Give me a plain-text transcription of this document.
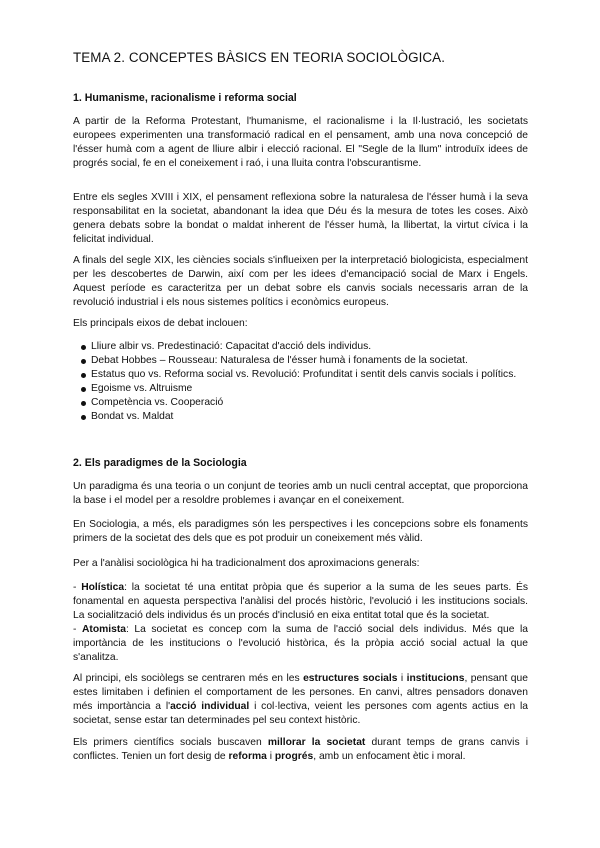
TEMA 2. CONCEPTES BÀSICS EN TEORIA SOCIOLÒGICA.
1. Humanisme, racionalisme i reforma social

A partir de la Reforma Protestant, l'humanisme, el racionalisme i la Il·lustració, les societats europees experimenten una transformació radical en el pensament, amb una nova concepció de l'ésser humà com a agent de lliure albir i elecció racional. El "Segle de la llum" introduïx idees de progrés social, fe en el coneixement i raó, i una lluita contra l'obscurantisme.

Entre els segles XVIII i XIX, el pensament reflexiona sobre la naturalesa de l'ésser humà i la seva responsabilitat en la societat, abandonant la idea que Déu és la mesura de totes les coses. Això genera debats sobre la bondat o maldat inherent de l'ésser humà, la llibertat, la virtut cívica i la felicitat individual.

A finals del segle XIX, les ciències socials s'influeixen per la interpretació biologicista, especialment per les descobertes de Darwin, així com per les idees d'emancipació social de Marx i Engels. Aquest període es caracteritza per un debat sobre els canvis socials necessaris arran de la revolució industrial i els nous sistemes polítics i econòmics europeus.

Els principals eixos de debat inclouen:

Lliure albir vs. Predestinació: Capacitat d'acció dels individus.
Debat Hobbes – Rousseau: Naturalesa de l'ésser humà i fonaments de la societat.
Estatus quo vs. Reforma social vs. Revolució: Profunditat i sentit dels canvis socials i polítics.
Egoisme vs. Altruisme
Competència vs. Cooperació
Bondat vs. Maldat
2. Els paradigmes de la Sociologia

Un paradigma és una teoria o un conjunt de teories amb un nucli central acceptat, que proporciona la base i el model per a resoldre problemes i avançar en el coneixement.

En Sociologia, a més, els paradigmes són les perspectives i les concepcions sobre els fonaments primers de la societat des dels que es pot produir un coneixement més vàlid.

Per a l'anàlisi sociològica hi ha tradicionalment dos aproximacions generals:

- Holística: la societat té una entitat pròpia que és superior a la suma de les seues parts. És fonamental en aquesta perspectiva l'anàlisi del procés històric, l'evolució i les institucions socials. La socialització dels individus és un procés d'inclusió en eixa entitat total que és la societat.

- Atomista: La societat es concep com la suma de l'acció social dels individus. Més que la importància de les institucions o l'evolució històrica, és la pròpia acció social actual la que s'analitza.

Al principi, els sociòlegs se centraren més en les estructures socials i institucions, pensant que estes limitaben i definien el comportament de les persones. En canvi, altres pensadors donaven més importància a l'acció individual i col·lectiva, veient les persones com agents actius en la societat, sense estar tan determinades pel seu context històric.

Els primers científics socials buscaven millorar la societat durant temps de grans canvis i conflictes. Tenien un fort desig de reforma i progrés, amb un enfocament ètic i moral.
